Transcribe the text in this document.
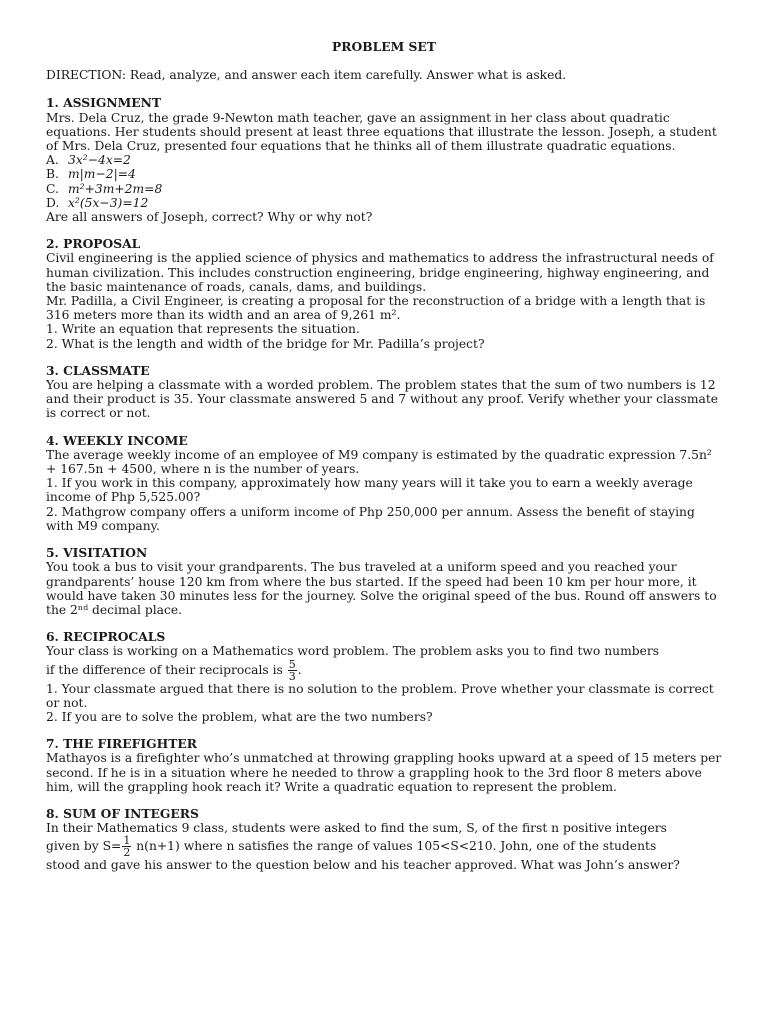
PROBLEM SET

DIRECTION: Read, analyze, and answer each item carefully. Answer what is asked.

1. ASSIGNMENT

Mrs. Dela Cruz, the grade 9-Newton math teacher, gave an assignment in her class about quadratic equations. Her students should present at least three equations that illustrate the lesson. Joseph, a student of Mrs. Dela Cruz, presented four equations that he thinks all of them illustrate quadratic equations.

A. 3x²−4x=2
B. m|m−2|=4
C. m²+3m+2m=8
D. x²(5x−3)=12

Are all answers of Joseph, correct? Why or why not?

2. PROPOSAL

Civil engineering is the applied science of physics and mathematics to address the infrastructural needs of human civilization. This includes construction engineering, bridge engineering, highway engineering, and the basic maintenance of roads, canals, dams, and buildings.

Mr. Padilla, a Civil Engineer, is creating a proposal for the reconstruction of a bridge with a length that is 316 meters more than its width and an area of 9,261 m².

1. Write an equation that represents the situation.

2. What is the length and width of the bridge for Mr. Padilla’s project?

3. CLASSMATE

You are helping a classmate with a worded problem. The problem states that the sum of two numbers is 12 and their product is 35. Your classmate answered 5 and 7 without any proof. Verify whether your classmate is correct or not.

4. WEEKLY INCOME

The average weekly income of an employee of M9 company is estimated by the quadratic expression 7.5n² + 167.5n + 4500, where n is the number of years.

1. If you work in this company, approximately how many years will it take you to earn a weekly average income of Php 5,525.00?

2. Mathgrow company offers a uniform income of Php 250,000 per annum. Assess the benefit of staying with M9 company.

5. VISITATION

You took a bus to visit your grandparents. The bus traveled at a uniform speed and you reached your grandparents’ house 120 km from where the bus started. If the speed had been 10 km per hour more, it would have taken 30 minutes less for the journey. Solve the original speed of the bus. Round off answers to the 2ⁿᵈ decimal place.

6. RECIPROCALS

Your class is working on a Mathematics word problem. The problem asks you to find two numbers

if the difference of their reciprocals is $\frac{5}{3}$ .

1. Your classmate argued that there is no solution to the problem. Prove whether your classmate is correct or not.

2. If you are to solve the problem, what are the two numbers?

7. THE FIREFIGHTER

Mathayos is a firefighter who’s unmatched at throwing grappling hooks upward at a speed of 15 meters per second. If he is in a situation where he needed to throw a grappling hook to the 3rd floor 8 meters above him, will the grappling hook reach it? Write a quadratic equation to represent the problem.

8. SUM OF INTEGERS

In their Mathematics 9 class, students were asked to find the sum, S, of the first n positive integers

given by $S= \frac{1}{2} n(n+1)$ where n satisfies the range of values 105<S<210. John, one of the students

stood and gave his answer to the question below and his teacher approved. What was John’s answer?
